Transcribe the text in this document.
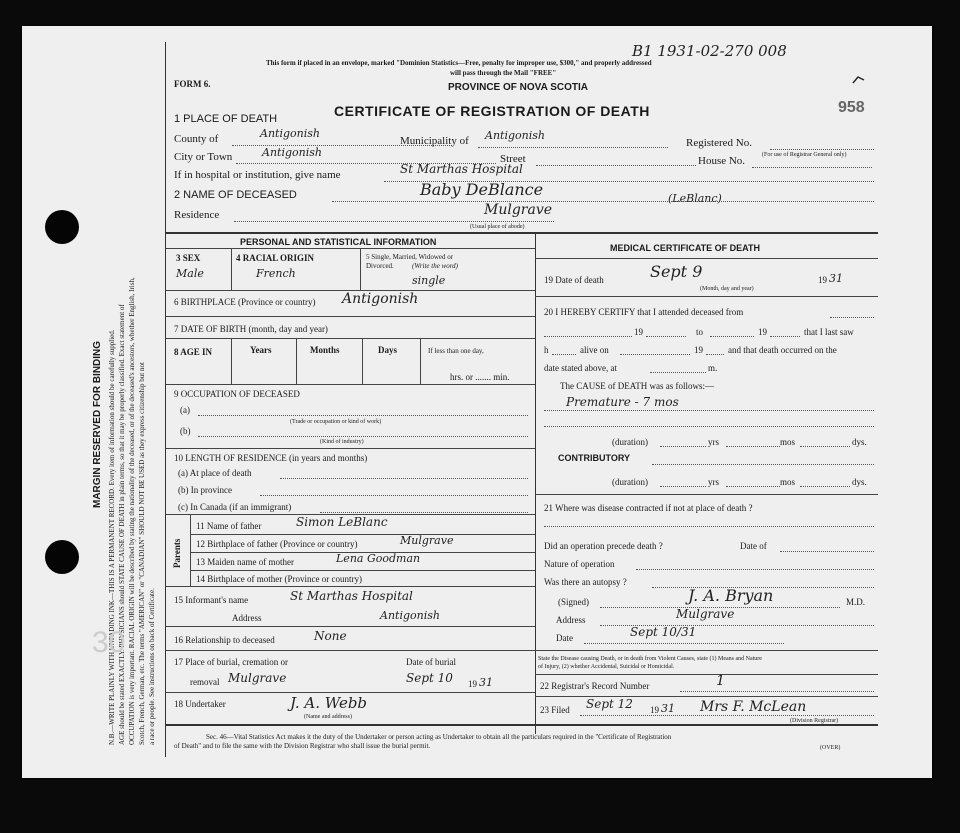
MARGIN RESERVED FOR BINDING N.B.—WRITE PLAINLY WITH UNFADING INK—THIS IS A PERMANENT RECORD. Every item of information should be carefully supplied. AGE should be stated EXACTLY. PHYSICIANS should STATE CAUSE OF DEATH in plain terms, so that it may be properly classified. Exact statement of OCCUPATION is very important. RACIAL ORIGIN will be described by stating the nationality of the deceased, or of the deceased's ancestors, whether English, Irish, Scotch, French, German, etc. The terms "AMERICAN" or "CANADIAN" SHOULD NOT BE USED as they express citizenship but not a race or people. See instructions on back of Certificate.
30
This form if placed in an envelope, marked "Dominion Statistics—Free, penalty for improper use, $300," and properly addressed
will pass through the Mail "FREE"
PROVINCE OF NOVA SCOTIA
FORM 6.
CERTIFICATE OF REGISTRATION OF DEATH	958
B1 1931-02-270 008
1 PLACE OF DEATH
County of	Antigonish
Municipality of Antigonish
Registered No.
(For use of Registrar General only)
City or Town	Antigonish	Street	House No.
If in hospital or institution, give name	St Marthas Hospital
2 NAME OF DECEASED	Baby DeBlance	(LeBlanc)
Residence	Mulgrave
(Usual place of abode)
PERSONAL AND STATISTICAL INFORMATION
3 SEX
Male
4 RACIAL ORIGIN
French
5 Single, Married, Widowed or
Divorced.	(Write the word)
single
6 BIRTHPLACE (Province or country) Antigonish
7 DATE OF BIRTH (month, day and year)
8 AGE IN	Years	Months	Days	If less than one day,
hrs. or ....... min.
9 OCCUPATION OF DECEASED
(a)
(Trade or occupation or kind of work)
(b)
(Kind of industry)
10 LENGTH OF RESIDENCE (in years and months)
(a) At place of death
(b) In province
(c) In Canada (if an immigrant)
Parents
11 Name of father	Simon LeBlanc
12 Birthplace of father (Province or country)	Mulgrave
13 Maiden name of mother	Lena Goodman
14 Birthplace of mother (Province or country)
15 Informant's name	St Marthas Hospital
Address	Antigonish
16 Relationship to deceased	None
17 Place of burial, cremation or
removal Mulgrave
Date of burial
Sept 10 19 31
18 Undertaker	J. A. Webb
(Name and address)
MEDICAL CERTIFICATE OF DEATH
19 Date of death	Sept 9	19 31
(Month, day and year)
20 I HEREBY CERTIFY that I attended deceased from
19	to	19	that I last saw
h	alive on	19	and that death occurred on the
date stated above, at	m.
The CAUSE of DEATH was as follows:—
Premature - 7 mos
(duration)	yrs	mos	dys.
CONTRIBUTORY
(duration)	yrs	mos	dys.
21 Where was disease contracted if not at place of death ?
Did an operation precede death ?	Date of
Nature of operation
Was there an autopsy ?
(Signed)	J. A. Bryan	M.D.
Address	Mulgrave
Date	Sept 10/31
State the Disease causing Death, or in death from Violent Causes, state (1) Means and Nature
of Injury, (2) whether Accidental, Suicidal or Homicidal.
22 Registrar's Record Number	1
23 Filed Sept 12 19 31 Mrs F. McLean
(Division Registrar)
Sec. 46—Vital Statistics Act makes it the duty of the Undertaker or person acting as Undertaker to obtain all the particulars required in the "Certificate of Registration
of Death" and to file the same with the Division Registrar who shall issue the burial permit.	(OVER)
